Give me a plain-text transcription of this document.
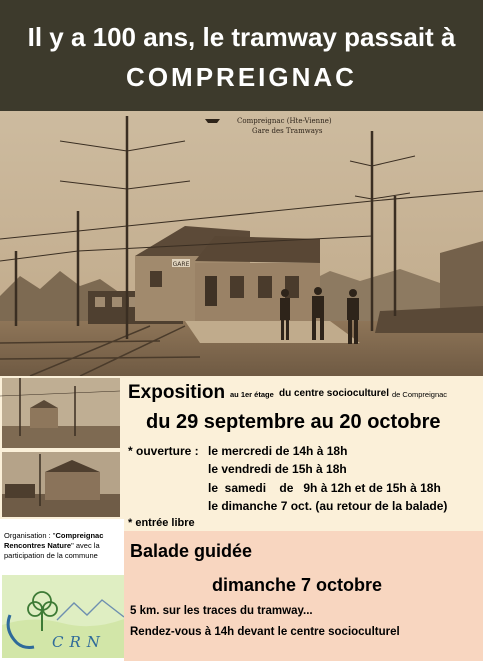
Il y a 100 ans, le tramway passait à
COMPREIGNAC
GARE
Compreignac (Hte-Vienne)
Gare des Tramways
Exposition au 1er étage du centre socioculturel de Compreignac
du 29 septembre au 20 octobre
* ouverture : le mercredi de 14h à 18h
le vendredi de 15h à 18h
le  samedi    de   9h à 12h et de 15h à 18h
le dimanche 7 oct. (au retour de la balade)
* entrée libre
Balade guidée
dimanche 7 octobre
5 km. sur les traces du tramway...
Rendez-vous à 14h devant le centre socioculturel
Organisation : "Compreignac
Rencontres Nature" avec la
participation de la commune
CRN
